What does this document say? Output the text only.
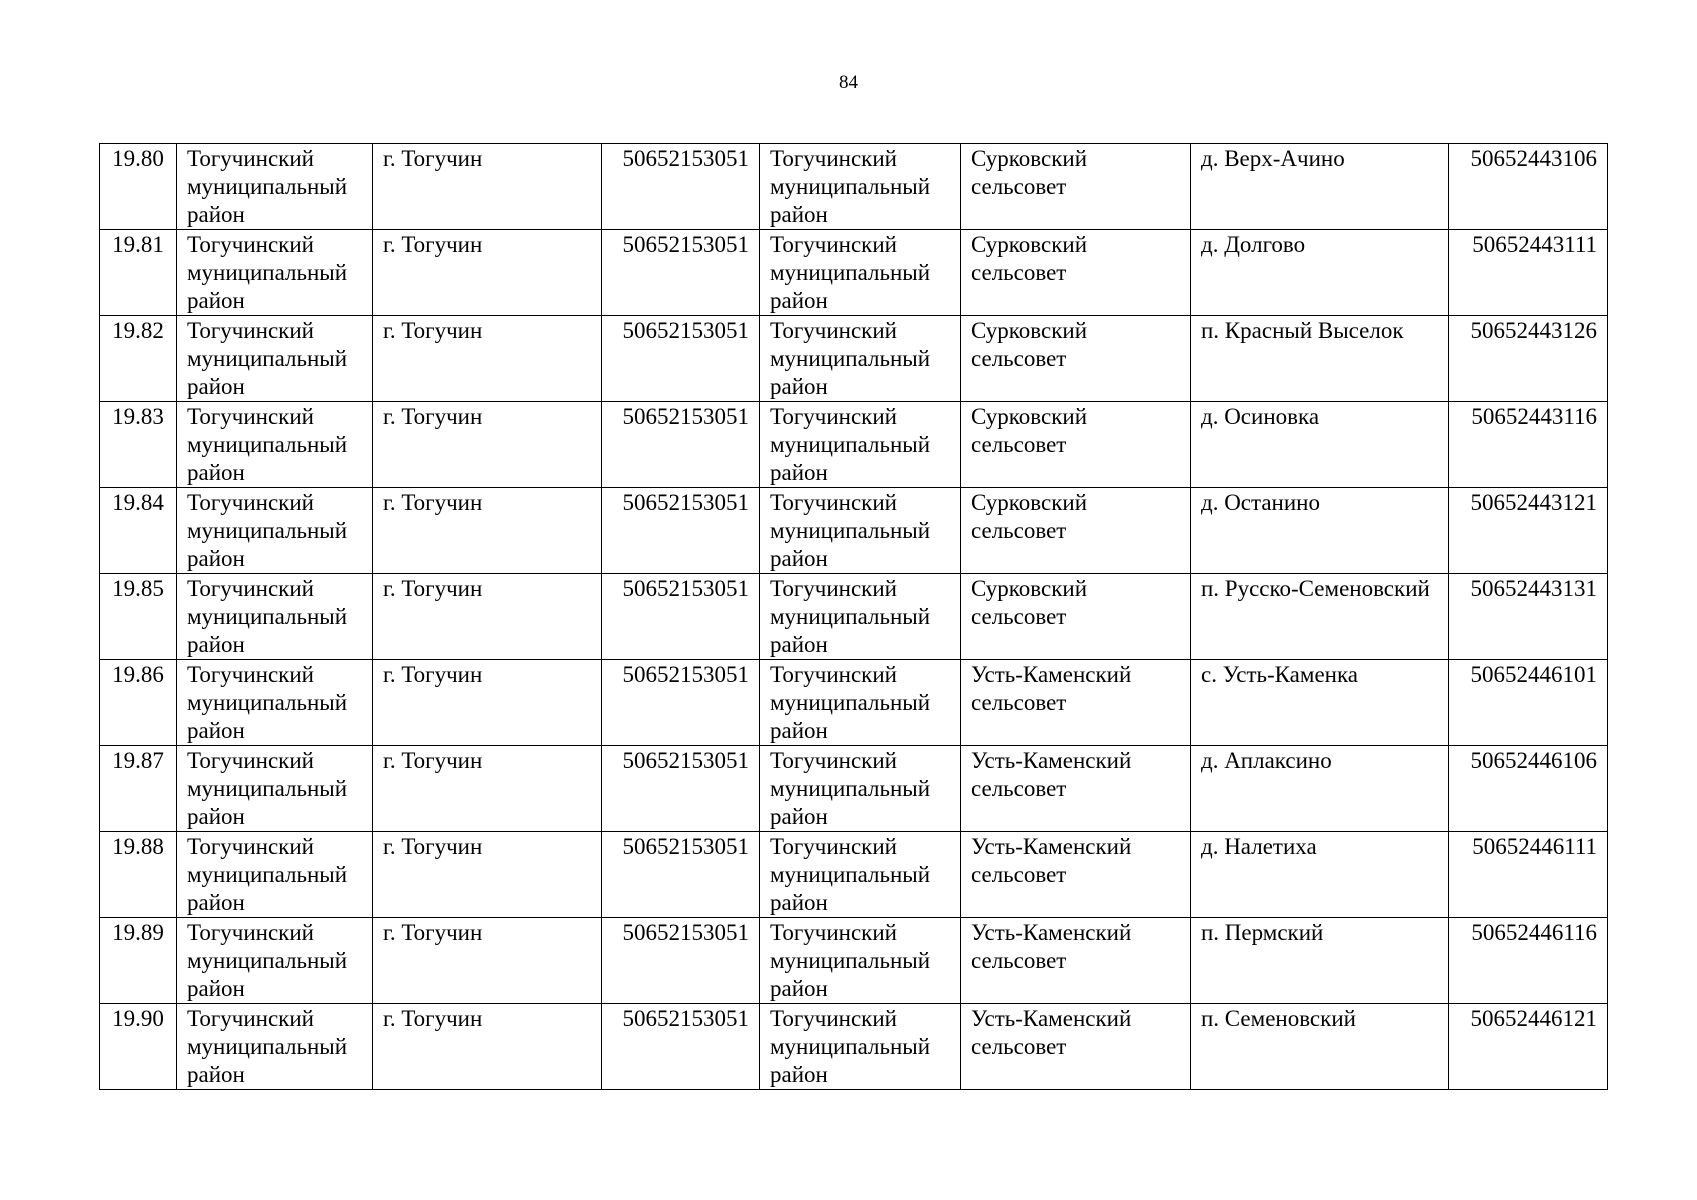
84
19.80	Тогучинский муниципальный район	г. Тогучин	50652153051	Тогучинский муниципальный район	Сурковский сельсовет	д. Верх-Ачино	50652443106
19.81	Тогучинский муниципальный район	г. Тогучин	50652153051	Тогучинский муниципальный район	Сурковский сельсовет	д. Долгово	50652443111
19.82	Тогучинский муниципальный район	г. Тогучин	50652153051	Тогучинский муниципальный район	Сурковский сельсовет	п. Красный Выселок	50652443126
19.83	Тогучинский муниципальный район	г. Тогучин	50652153051	Тогучинский муниципальный район	Сурковский сельсовет	д. Осиновка	50652443116
19.84	Тогучинский муниципальный район	г. Тогучин	50652153051	Тогучинский муниципальный район	Сурковский сельсовет	д. Останино	50652443121
19.85	Тогучинский муниципальный район	г. Тогучин	50652153051	Тогучинский муниципальный район	Сурковский сельсовет	п. Русско-Семеновский	50652443131
19.86	Тогучинский муниципальный район	г. Тогучин	50652153051	Тогучинский муниципальный район	Усть-Каменский сельсовет	с. Усть-Каменка	50652446101
19.87	Тогучинский муниципальный район	г. Тогучин	50652153051	Тогучинский муниципальный район	Усть-Каменский сельсовет	д. Аплаксино	50652446106
19.88	Тогучинский муниципальный район	г. Тогучин	50652153051	Тогучинский муниципальный район	Усть-Каменский сельсовет	д. Налетиха	50652446111
19.89	Тогучинский муниципальный район	г. Тогучин	50652153051	Тогучинский муниципальный район	Усть-Каменский сельсовет	п. Пермский	50652446116
19.90	Тогучинский муниципальный район	г. Тогучин	50652153051	Тогучинский муниципальный район	Усть-Каменский сельсовет	п. Семеновский	50652446121
